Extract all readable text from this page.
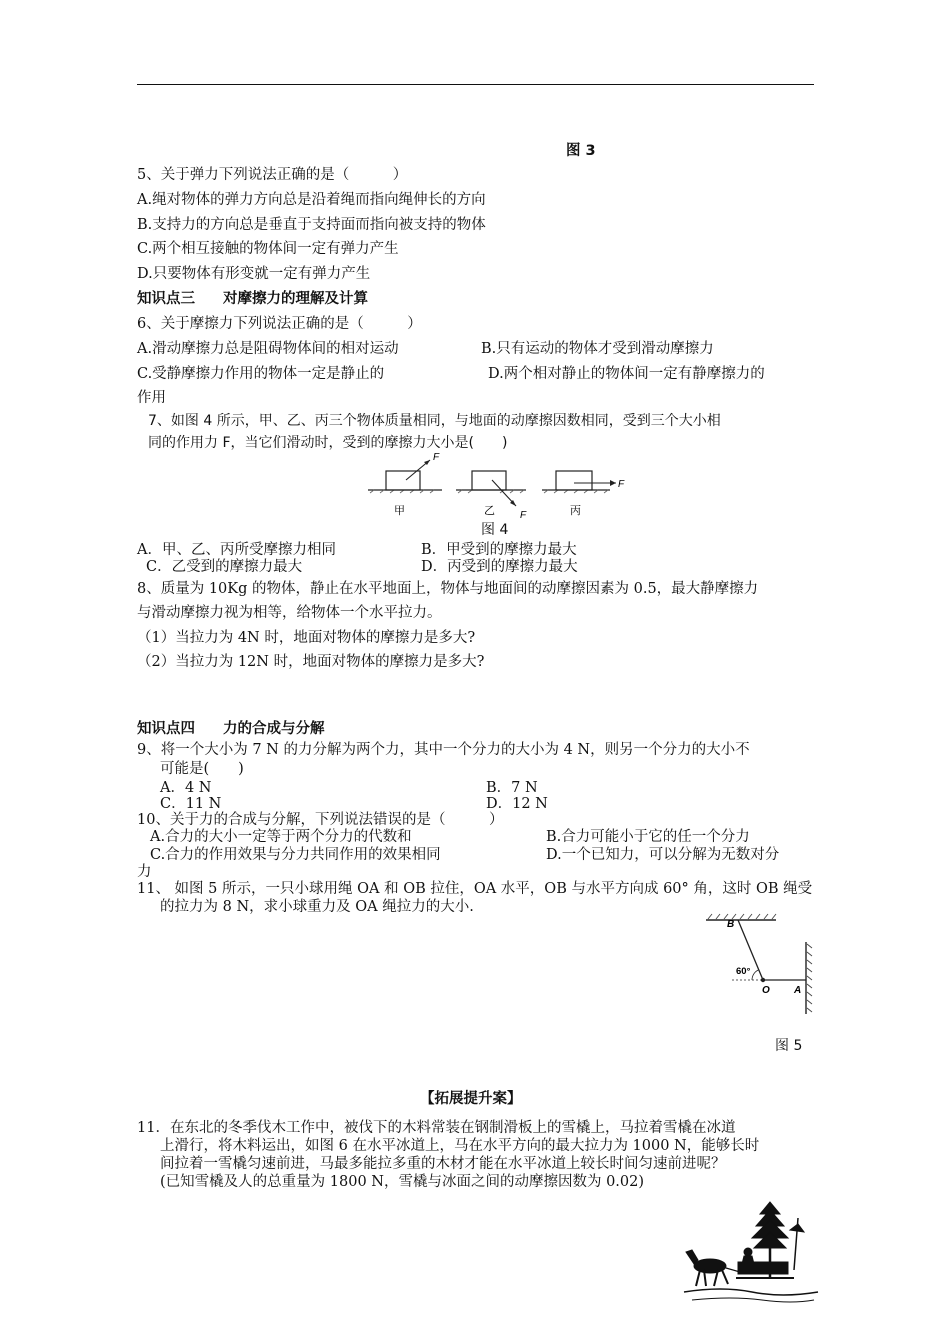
图 3
5、关于弹力下列说法正确的是（　　　）
A.绳对物体的弹力方向总是沿着绳而指向绳伸长的方向
B.支持力的方向总是垂直于支持面而指向被支持的物体
C.两个相互接触的物体间一定有弹力产生
D.只要物体有形变就一定有弹力产生
知识点三 对摩擦力的理解及计算
6、关于摩擦力下列说法正确的是（　　　）
A.滑动摩擦力总是阻碍物体间的相对运动	B.只有运动的物体才受到滑动摩擦力
C.受静摩擦力作用的物体一定是静止的	D.两个相对静止的物体间一定有静摩擦力的
作用
7、如图 4 所示，甲、乙、丙三个物体质量相同，与地面的动摩擦因数相同，受到三个大小相
同的作用力 F，当它们滑动时，受到的摩擦力大小是(　　)
F
F
F
甲	乙	丙
图 4
A．甲、乙、丙所受摩擦力相同	B．甲受到的摩擦力最大
C．乙受到的摩擦力最大	D．丙受到的摩擦力最大
8、质量为 10Kg 的物体，静止在水平地面上，物体与地面间的动摩擦因素为 0.5，最大静摩擦力
与滑动摩擦力视为相等，给物体一个水平拉力。
（1）当拉力为 4N 时，地面对物体的摩擦力是多大?
（2）当拉力为 12N 时，地面对物体的摩擦力是多大?
知识点四 力的合成与分解
9、将一个大小为 7 N 的力分解为两个力，其中一个分力的大小为 4 N，则另一个分力的大小不
可能是(　　)
A．4 N	B．7 N
C．11 N	D．12 N
10、关于力的合成与分解，下列说法错误的是（　　　）
A.合力的大小一定等于两个分力的代数和	B.合力可能小于它的任一个分力
C.合力的作用效果与分力共同作用的效果相同	D.一个已知力，可以分解为无数对分
力
11、 如图 5 所示，一只小球用绳 OA 和 OB 拉住，OA 水平，OB 与水平方向成 60° 角，这时 OB 绳受
的拉力为 8 N，求小球重力及 OA 绳拉力的大小.
B
60°
O A
图 5
【拓展提升案】
11．在东北的冬季伐木工作中，被伐下的木料常装在钢制滑板上的雪橇上，马拉着雪橇在冰道
上滑行，将木料运出，如图 6 在水平冰道上，马在水平方向的最大拉力为 1000 N，能够长时
间拉着一雪橇匀速前进，马最多能拉多重的木材才能在水平冰道上较长时间匀速前进呢？
(已知雪橇及人的总重量为 1800 N，雪橇与冰面之间的动摩擦因数为 0.02)
